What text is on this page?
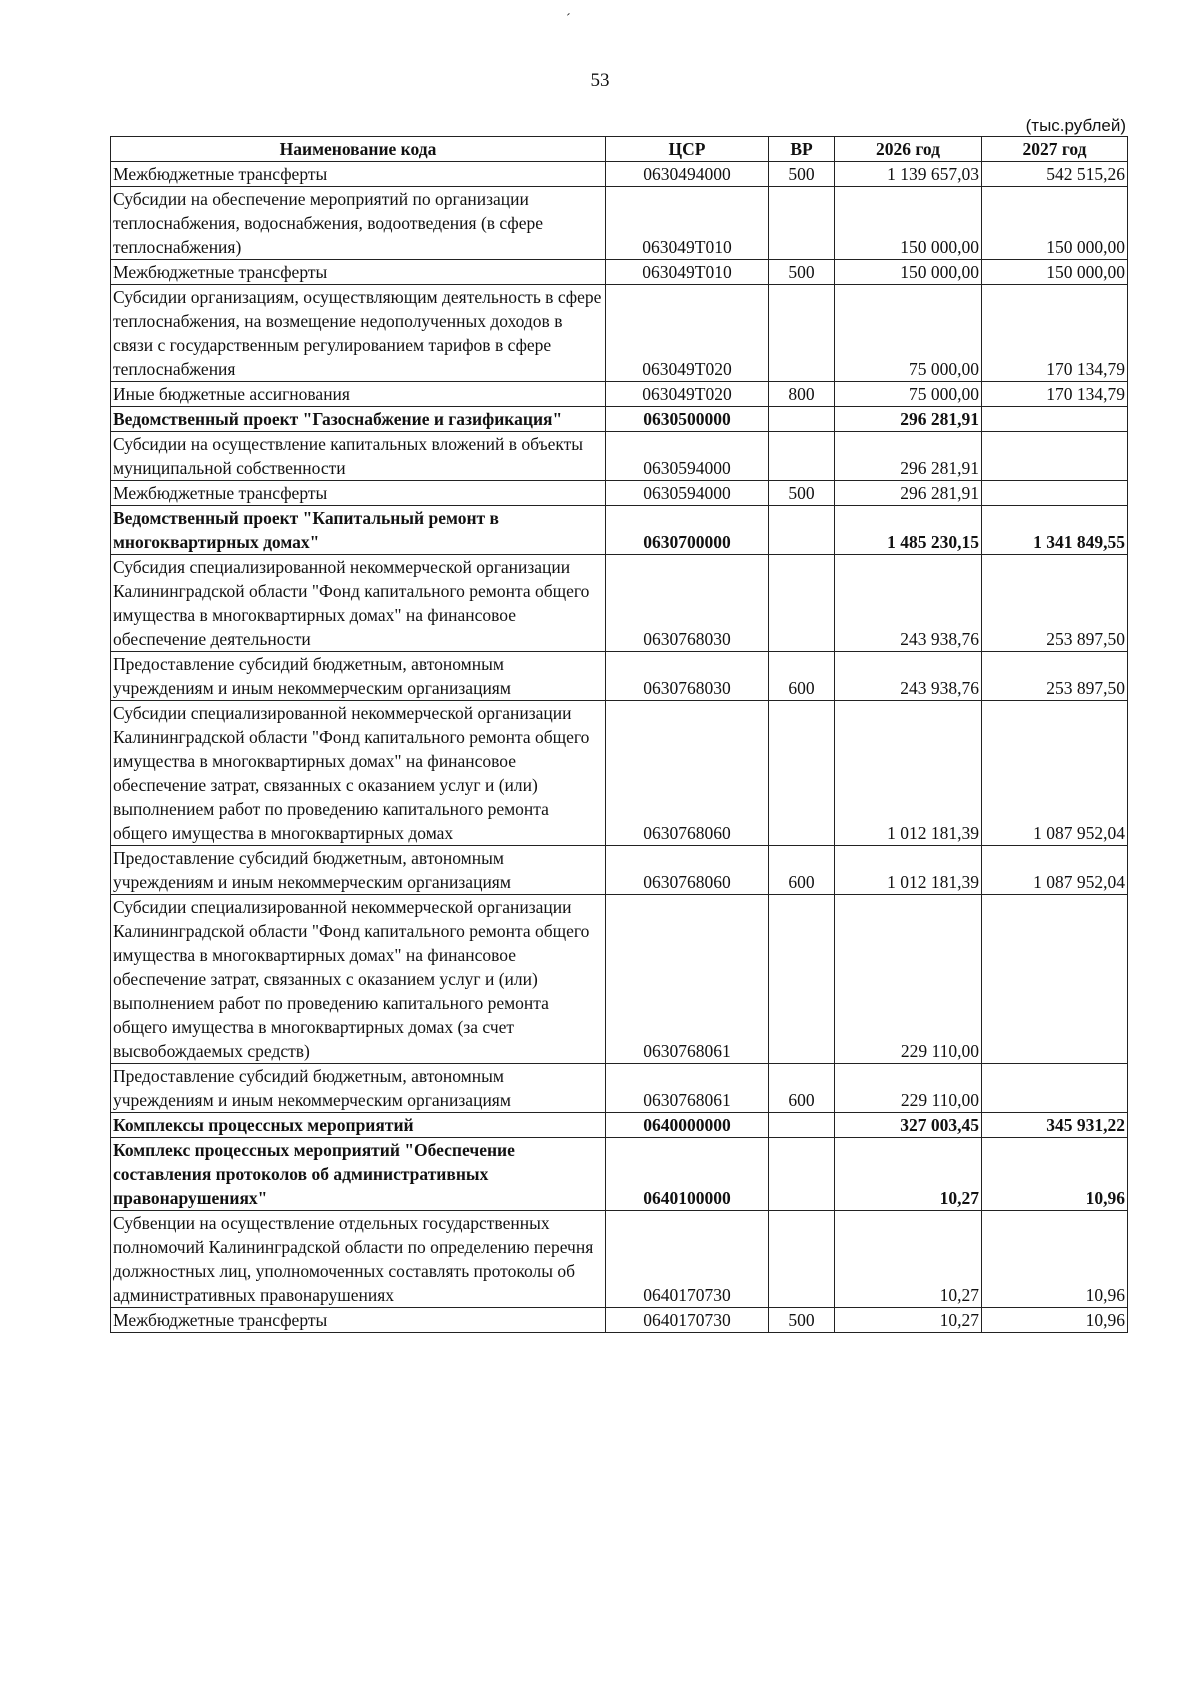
ˊ
53
(тыс.рублей)
Наименование кода	ЦСР	ВР	2026 год	2027 год
Межбюджетные трансферты	0630494000	500	1 139 657,03	542 515,26
Субсидии на обеспечение мероприятий по организации теплоснабжения, водоснабжения, водоотведения (в сфере теплоснабжения)	063049Т010		150 000,00	150 000,00
Межбюджетные трансферты	063049Т010	500	150 000,00	150 000,00
Субсидии организациям, осуществляющим деятельность в сфере теплоснабжения, на возмещение недополученных доходов в связи с государственным регулированием тарифов в сфере теплоснабжения	063049Т020		75 000,00	170 134,79
Иные бюджетные ассигнования	063049Т020	800	75 000,00	170 134,79
Ведомственный проект "Газоснабжение и газификация"	0630500000		296 281,91	
Субсидии на осуществление капитальных вложений в объекты муниципальной собственности	0630594000		296 281,91	
Межбюджетные трансферты	0630594000	500	296 281,91	
Ведомственный проект "Капитальный ремонт в многоквартирных домах"	0630700000		1 485 230,15	1 341 849,55
Субсидия специализированной некоммерческой организации Калининградской области "Фонд капитального ремонта общего имущества в многоквартирных домах" на финансовое обеспечение деятельности	0630768030		243 938,76	253 897,50
Предоставление субсидий бюджетным, автономным учреждениям и иным некоммерческим организациям	0630768030	600	243 938,76	253 897,50
Субсидии специализированной некоммерческой организации Калининградской области "Фонд капитального ремонта общего имущества в многоквартирных домах" на финансовое обеспечение затрат, связанных с оказанием услуг и (или) выполнением работ по проведению капитального ремонта общего имущества в многоквартирных домах	0630768060		1 012 181,39	1 087 952,04
Предоставление субсидий бюджетным, автономным учреждениям и иным некоммерческим организациям	0630768060	600	1 012 181,39	1 087 952,04
Субсидии специализированной некоммерческой организации Калининградской области "Фонд капитального ремонта общего имущества в многоквартирных домах" на финансовое обеспечение затрат, связанных с оказанием услуг и (или) выполнением работ по проведению капитального ремонта общего имущества в многоквартирных домах (за счет высвобождаемых средств)	0630768061		229 110,00	
Предоставление субсидий бюджетным, автономным учреждениям и иным некоммерческим организациям	0630768061	600	229 110,00	
Комплексы процессных мероприятий	0640000000		327 003,45	345 931,22
Комплекс процессных мероприятий "Обеспечение составления протоколов об административных правонарушениях"	0640100000		10,27	10,96
Субвенции на осуществление отдельных государственных полномочий Калининградской области по определению перечня должностных лиц, уполномоченных составлять протоколы об административных правонарушениях	0640170730		10,27	10,96
Межбюджетные трансферты	0640170730	500	10,27	10,96
